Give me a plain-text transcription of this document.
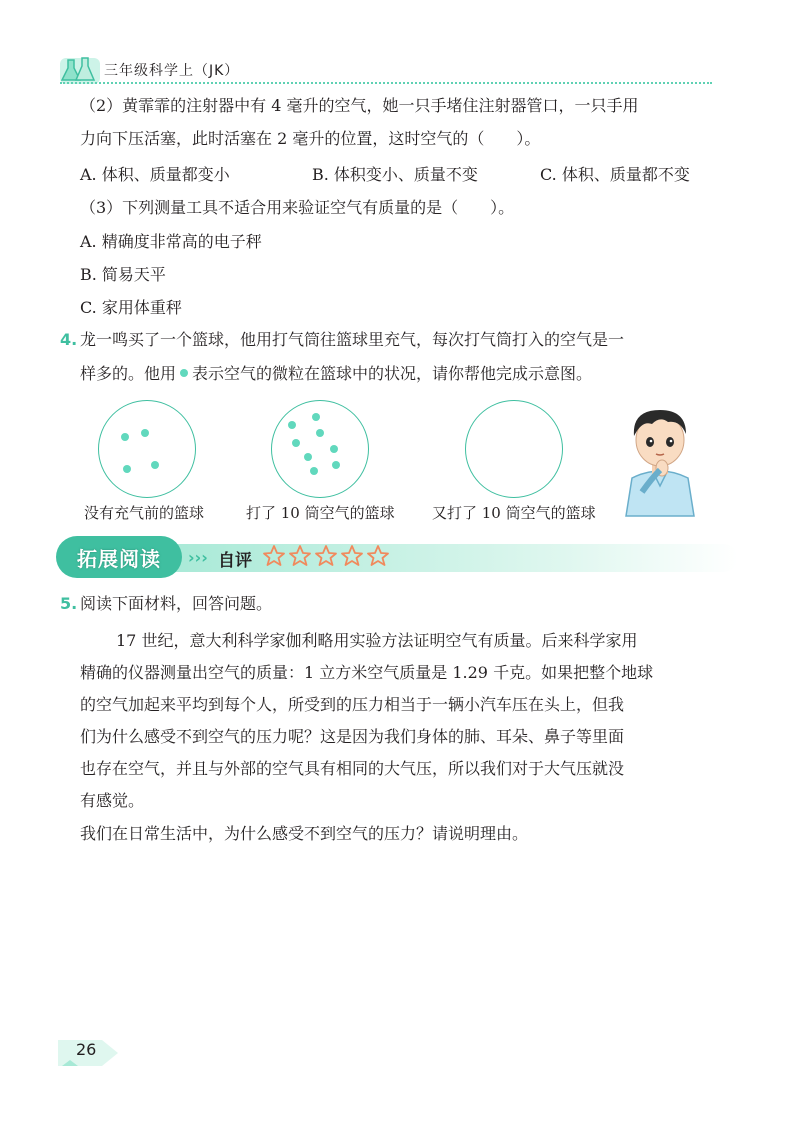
三年级科学上（JK）
（2）黄霏霏的注射器中有 4 毫升的空气，她一只手堵住注射器管口，一只手用
力向下压活塞，此时活塞在 2 毫升的位置，这时空气的（　　）。
A. 体积、质量都变小	B. 体积变小、质量不变	C. 体积、质量都不变
（3）下列测量工具不适合用来验证空气有质量的是（　　）。
A. 精确度非常高的电子秤
B. 简易天平
C. 家用体重秤
4. 龙一鸣买了一个篮球，他用打气筒往篮球里充气，每次打气筒打入的空气是一
样多的。他用 表示空气的微粒在篮球中的状况，请你帮他完成示意图。
没有充气前的篮球	打了 10 筒空气的篮球 又打了 10 筒空气的篮球
拓展阅读 ››› 自评
5. 阅读下面材料，回答问题。
17 世纪，意大利科学家伽利略用实验方法证明空气有质量。后来科学家用
精确的仪器测量出空气的质量：1 立方米空气质量是 1.29 千克。如果把整个地球
的空气加起来平均到每个人，所受到的压力相当于一辆小汽车压在头上，但我
们为什么感受不到空气的压力呢？这是因为我们身体的肺、耳朵、鼻子等里面
也存在空气，并且与外部的空气具有相同的大气压，所以我们对于大气压就没
有感觉。
我们在日常生活中，为什么感受不到空气的压力？请说明理由。
26
